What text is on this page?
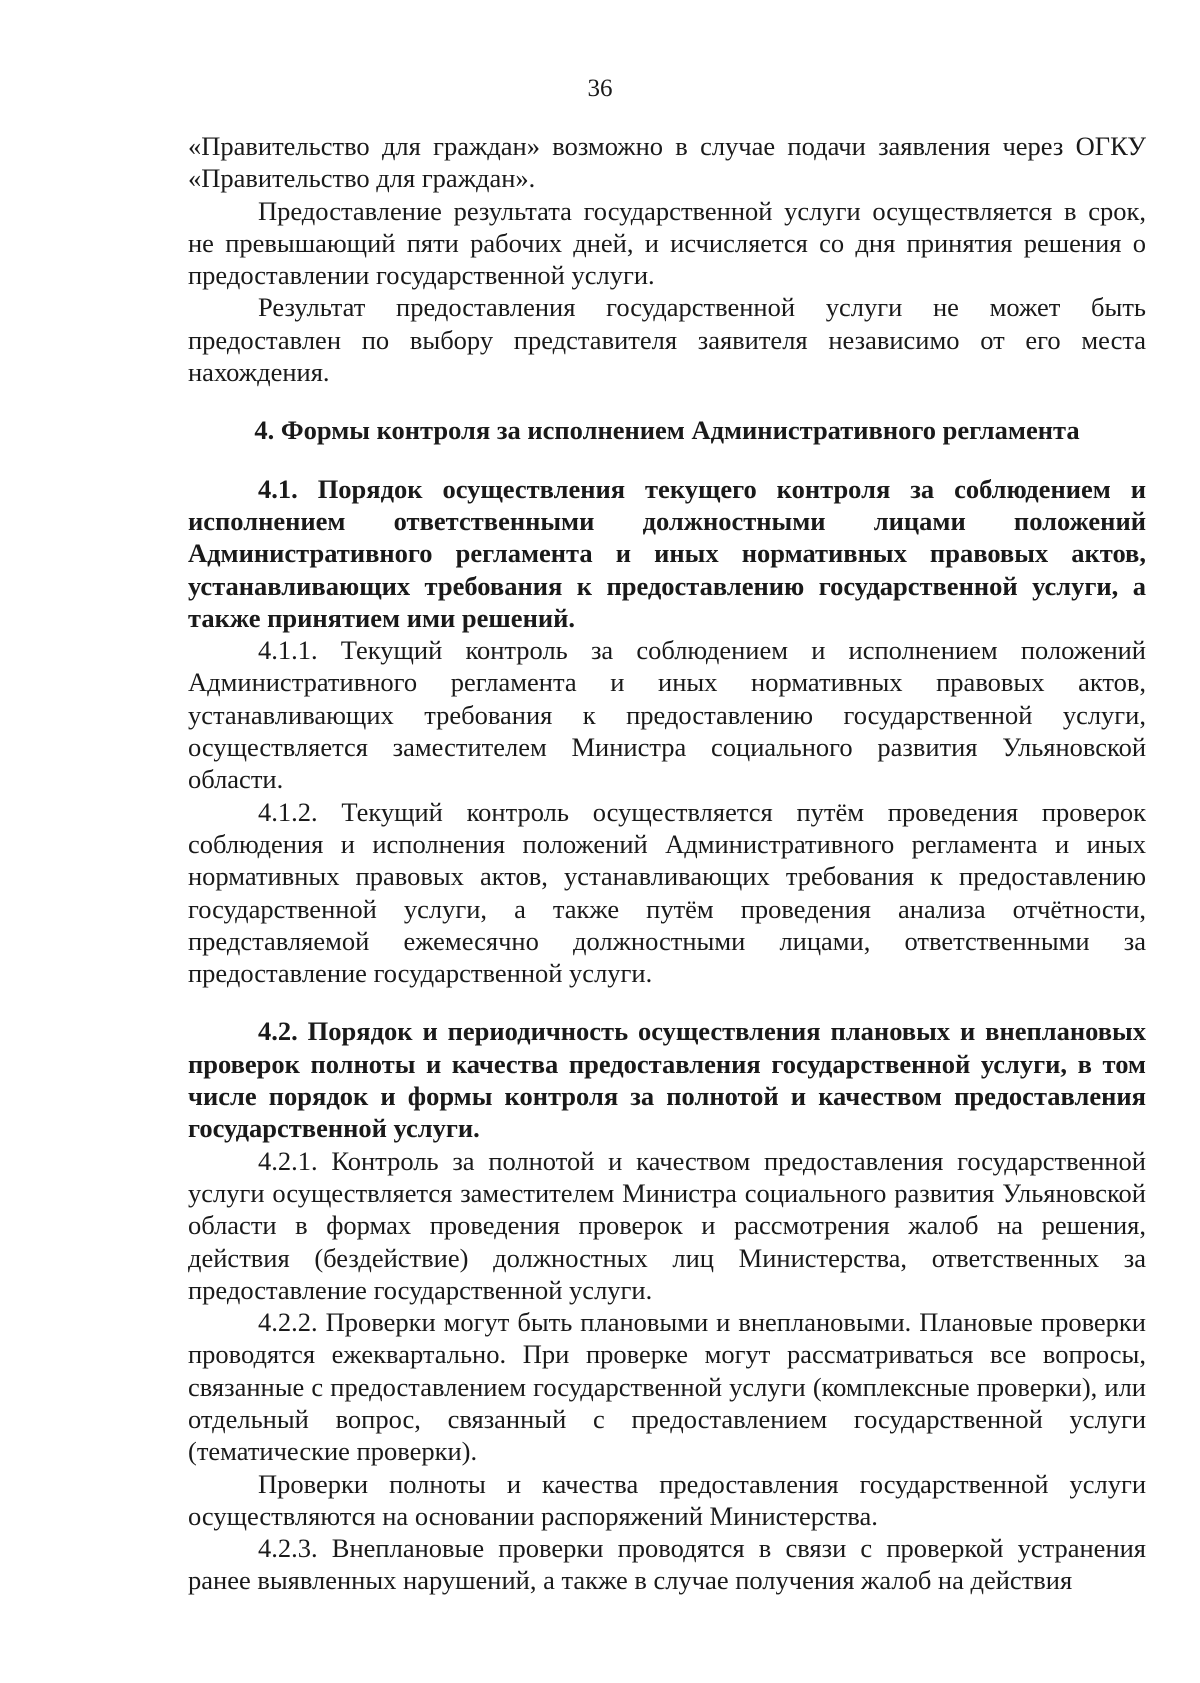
36

«Правительство для граждан» возможно в случае подачи заявления через ОГКУ «Правительство для граждан».

Предоставление результата государственной услуги осуществляется в срок, не превышающий пяти рабочих дней, и исчисляется со дня принятия решения о предоставлении государственной услуги.

Результат предоставления государственной услуги не может быть предоставлен по выбору представителя заявителя независимо от его места нахождения.

4. Формы контроля за исполнением Административного регламента

4.1. Порядок осуществления текущего контроля за соблюдением и исполнением ответственными должностными лицами положений Административного регламента и иных нормативных правовых актов, устанавливающих требования к предоставлению государственной услуги, а также принятием ими решений.

4.1.1. Текущий контроль за соблюдением и исполнением положений Административного регламента и иных нормативных правовых актов, устанавливающих требования к предоставлению государственной услуги, осуществляется заместителем Министра социального развития Ульяновской области.

4.1.2. Текущий контроль осуществляется путём проведения проверок соблюдения и исполнения положений Административного регламента и иных нормативных правовых актов, устанавливающих требования к предоставлению государственной услуги, а также путём проведения анализа отчётности, представляемой ежемесячно должностными лицами, ответственными за предоставление государственной услуги.

4.2. Порядок и периодичность осуществления плановых и внеплановых проверок полноты и качества предоставления государственной услуги, в том числе порядок и формы контроля за полнотой и качеством предоставления государственной услуги.

4.2.1. Контроль за полнотой и качеством предоставления государственной услуги осуществляется заместителем Министра социального развития Ульяновской области в формах проведения проверок и рассмотрения жалоб на решения, действия (бездействие) должностных лиц Министерства, ответственных за предоставление государственной услуги.

4.2.2. Проверки могут быть плановыми и внеплановыми. Плановые проверки проводятся ежеквартально. При проверке могут рассматриваться все вопросы, связанные с предоставлением государственной услуги (комплексные проверки), или отдельный вопрос, связанный с предоставлением государственной услуги (тематические проверки).

Проверки полноты и качества предоставления государственной услуги осуществляются на основании распоряжений Министерства.

4.2.3. Внеплановые проверки проводятся в связи с проверкой устранения ранее выявленных нарушений, а также в случае получения жалоб на действия
